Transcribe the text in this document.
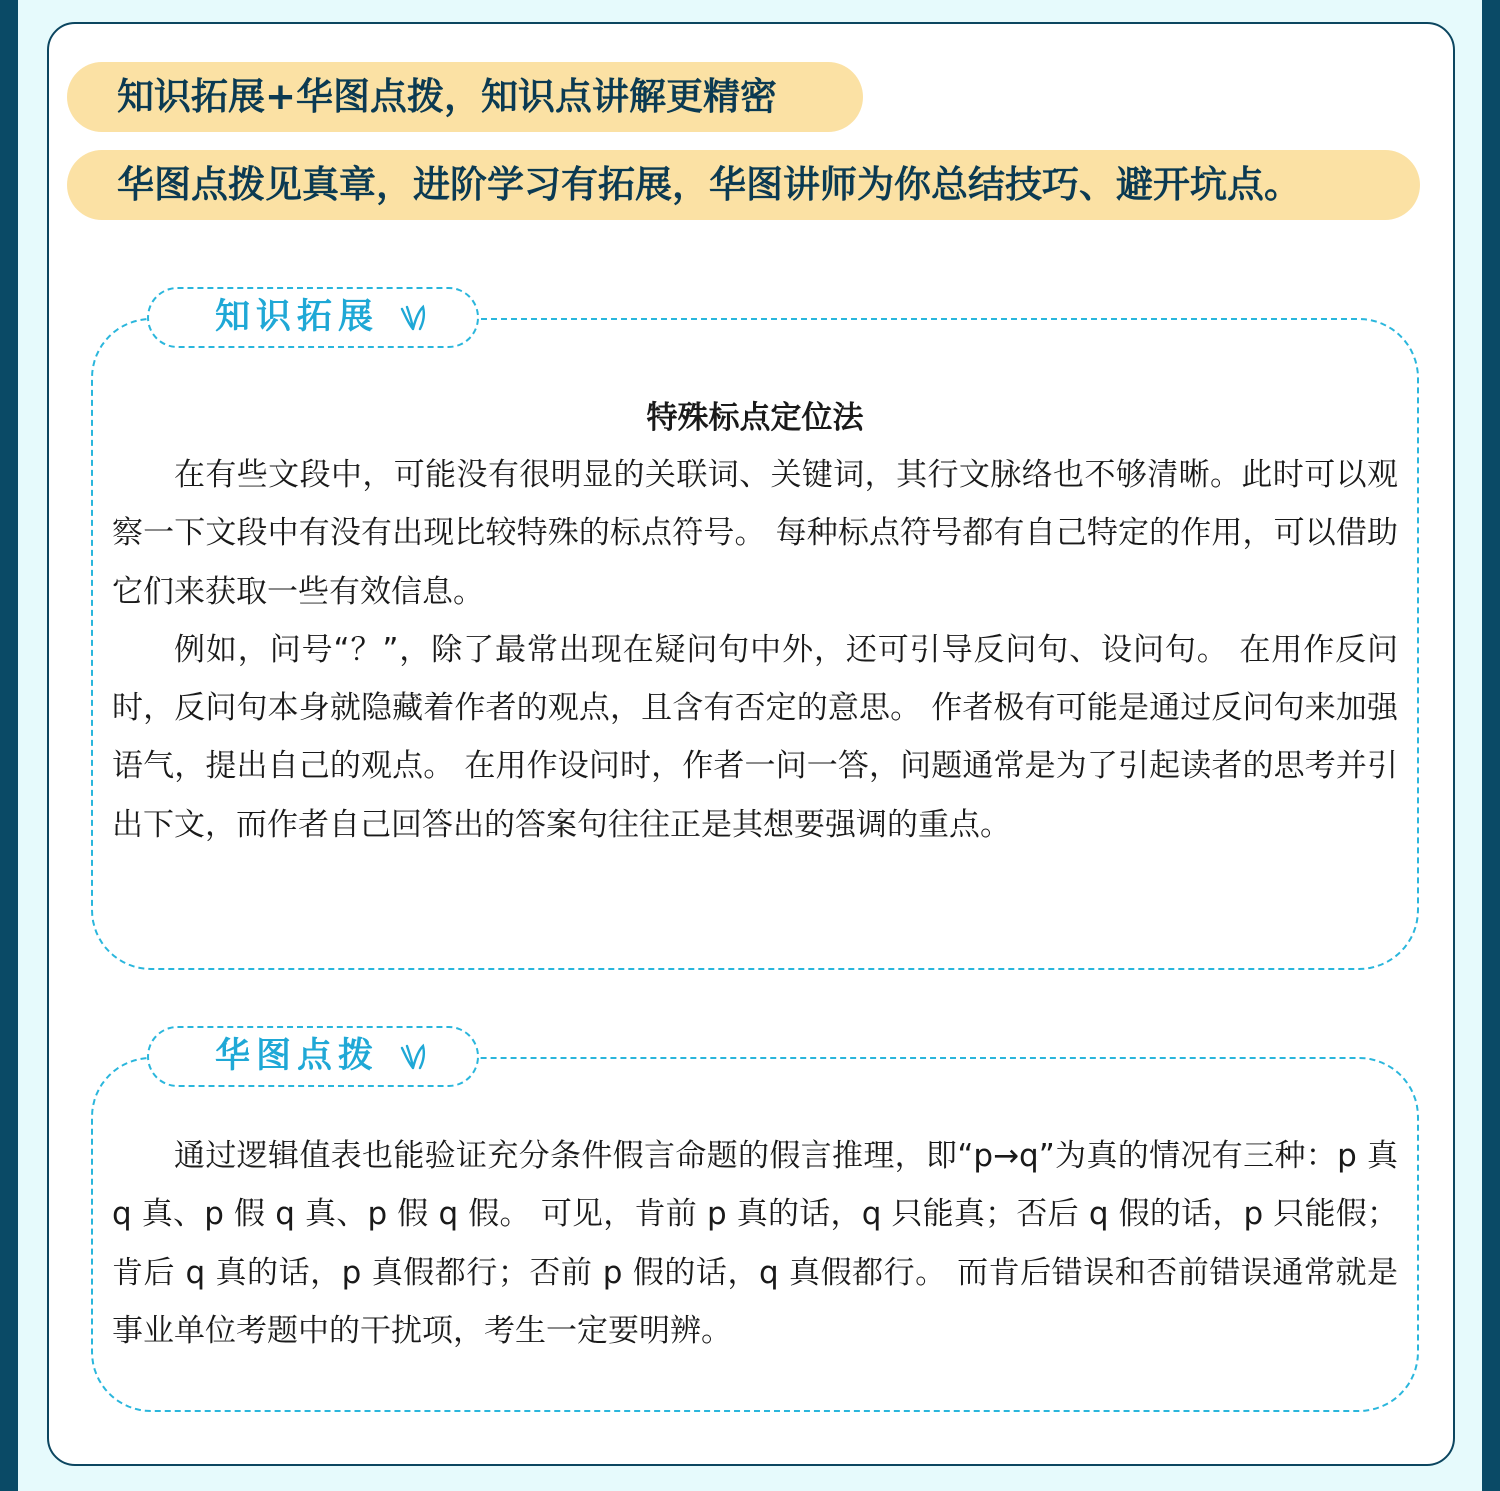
知识拓展+华图点拨，知识点讲解更精密
华图点拨见真章，进阶学习有拓展，华图讲师为你总结技巧、避开坑点。
知识拓展
特殊标点定位法

在有些文段中，可能没有很明显的关联词、关键词，其行文脉络也不够清晰。此时可以观察一下文段中有没有出现比较特殊的标点符号。 每种标点符号都有自己特定的作用，可以借助它们来获取一些有效信息。

例如，问号“？”，除了最常出现在疑问句中外，还可引导反问句、设问句。 在用作反问时，反问句本身就隐藏着作者的观点，且含有否定的意思。 作者极有可能是通过反问句来加强语气，提出自己的观点。 在用作设问时，作者一问一答，问题通常是为了引起读者的思考并引出下文，而作者自己回答出的答案句往往正是其想要强调的重点。

华图点拨

通过逻辑值表也能验证充分条件假言命题的假言推理，即“p→q”为真的情况有三种：p 真 q 真、p 假 q 真、p 假 q 假。 可见，肯前 p 真的话，q 只能真；否后 q 假的话，p 只能假；肯后 q 真的话，p 真假都行；否前 p 假的话，q 真假都行。 而肯后错误和否前错误通常就是事业单位考题中的干扰项，考生一定要明辨。
